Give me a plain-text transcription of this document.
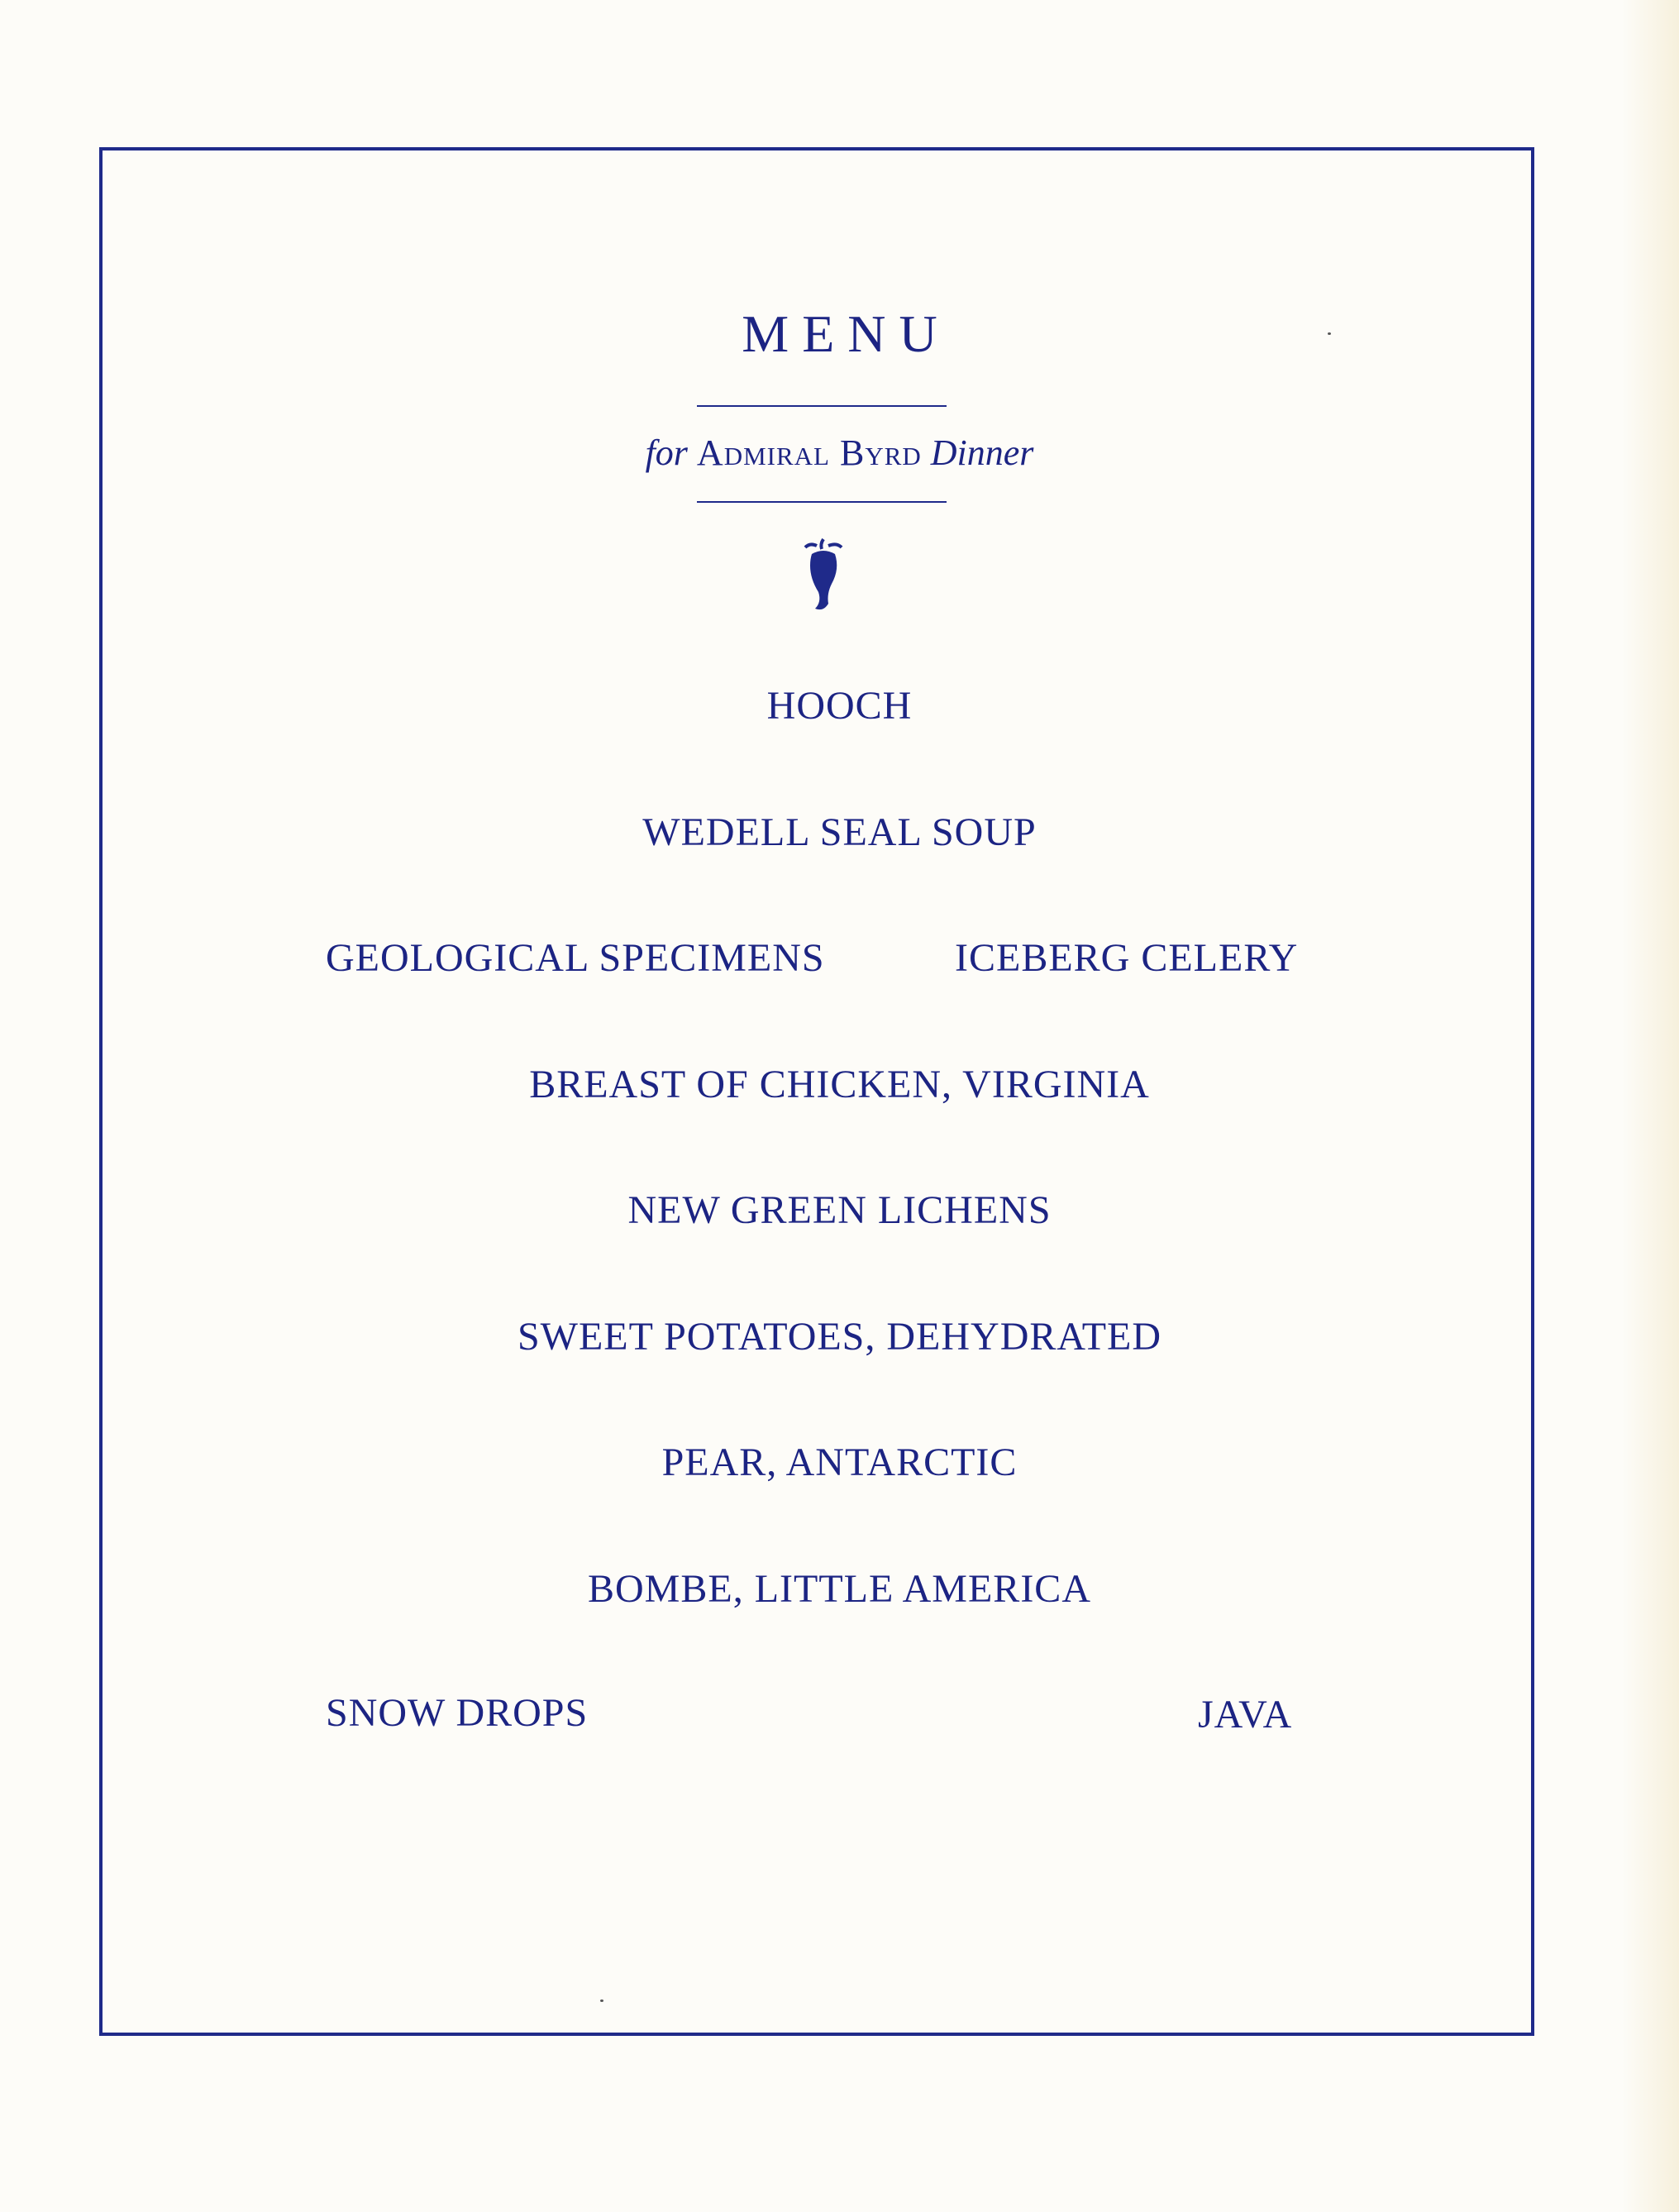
MENU
for Admiral Byrd Dinner
HOOCH
WEDELL SEAL SOUP
GEOLOGICAL SPECIMENS	ICEBERG CELERY
BREAST OF CHICKEN, VIRGINIA
NEW GREEN LICHENS
SWEET POTATOES, DEHYDRATED
PEAR, ANTARCTIC
BOMBE, LITTLE AMERICA
SNOW DROPS	JAVA
